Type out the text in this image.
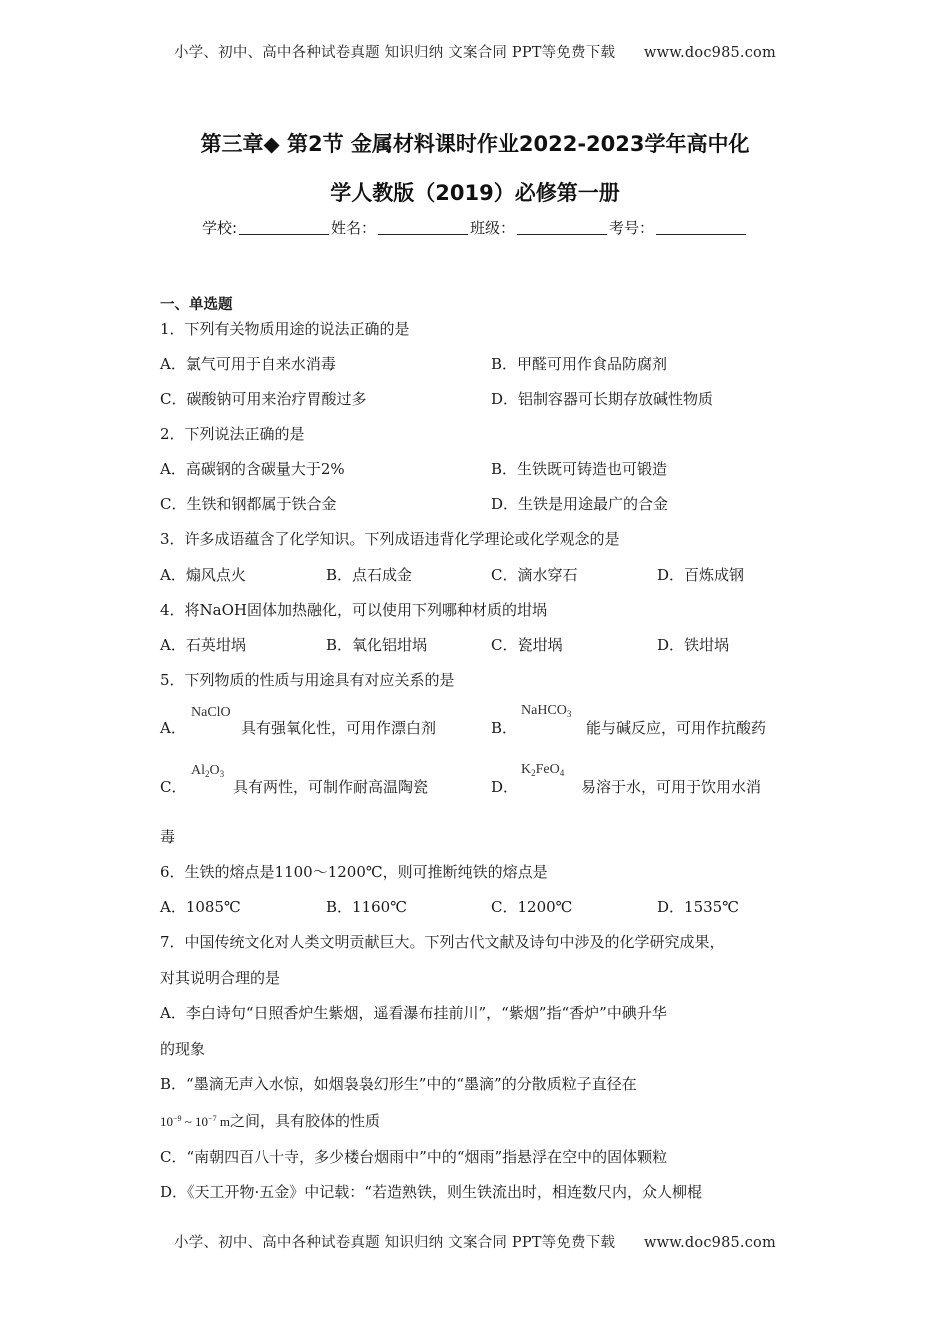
小学、初中、高中各种试卷真题 知识归纳 文案合同 PPT等免费下载 www.doc985.com
第三章◆ 第2节 金属材料课时作业2022-2023学年高中化
学人教版（2019）必修第一册
学校:	姓名：	班级：	考号：
一、单选题
1．下列有关物质用途的说法正确的是
A．氯气可用于自来水消毒	B．甲醛可用作食品防腐剂
C．碳酸钠可用来治疗胃酸过多	D．铝制容器可长期存放碱性物质
2．下列说法正确的是
A．高碳钢的含碳量大于2%	B．生铁既可铸造也可锻造
C．生铁和钢都属于铁合金	D．生铁是用途最广的合金
3．许多成语蕴含了化学知识。下列成语违背化学理论或化学观念的是
A．煽风点火	B．点石成金	C．滴水穿石	D．百炼成钢
4．将NaOH固体加热融化，可以使用下列哪种材质的坩埚
A．石英坩埚	B．氧化铝坩埚	C．瓷坩埚	D．铁坩埚
5．下列物质的性质与用途具有对应关系的是
A．
NaClO
具有强氧化性，可用作漂白剂	B．
NaHCO$_3$
能与碱反应，可用作抗酸药
C．
$Al_2O_3$
具有两性，可制作耐高温陶瓷	D．
$K_2FeO_4$
易溶于水，可用于饮用水消
毒
6．生铁的熔点是1100～1200℃，则可推断纯铁的熔点是
A．1085℃	B．1160℃	C．1200℃	D．1535℃
7．中国传统文化对人类文明贡献巨大。下列古代文献及诗句中涉及的化学研究成果，
对其说明合理的是
A．李白诗句“日照香炉生紫烟，遥看瀑布挂前川”，“紫烟”指“香炉”中碘升华
的现象
B．“墨滴无声入水惊，如烟袅袅幻形生”中的“墨滴”的分散质粒子直径在
$10^{-9}$ ~ $10^{-7}$ m之间，具有胶体的性质
C．“南朝四百八十寺，多少楼台烟雨中”中的“烟雨”指悬浮在空中的固体颗粒
D．《天工开物·五金》中记载：“若造熟铁，则生铁流出时，相连数尺内，众人柳棍
小学、初中、高中各种试卷真题 知识归纳 文案合同 PPT等免费下载 www.doc985.com
